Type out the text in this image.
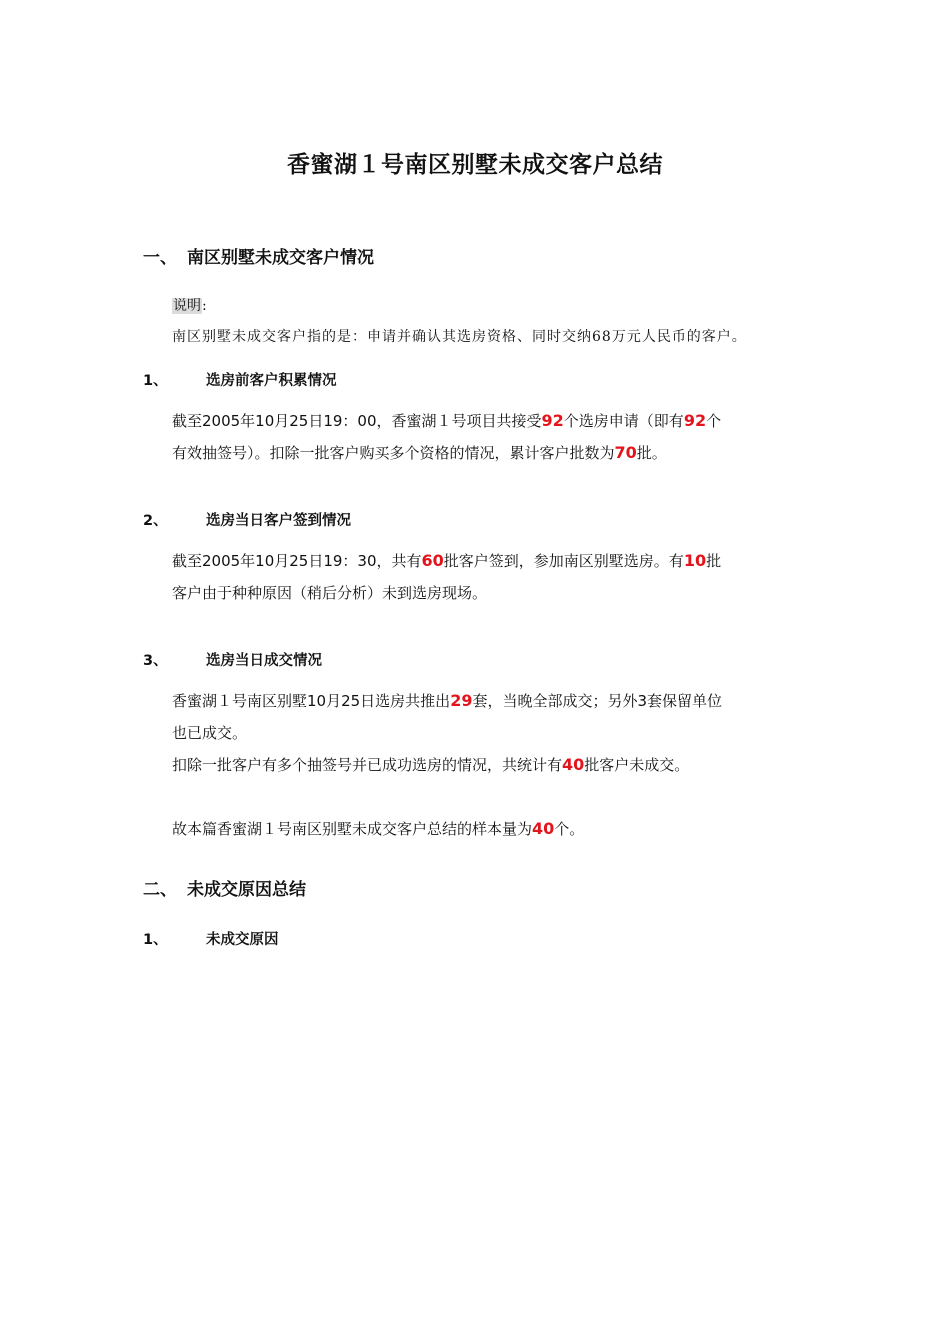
香蜜湖１号南区别墅未成交客户总结
一、 南区别墅未成交客户情况
说明:
南区别墅未成交客户指的是：申请并确认其选房资格、同时交纳68万元人民币的客户。
1、	选房前客户积累情况
截至2005年10月25日19：00，香蜜湖１号项目共接受92个选房申请（即有92个
有效抽签号）。扣除一批客户购买多个资格的情况，累计客户批数为70批。
2、	选房当日客户签到情况
截至2005年10月25日19：30，共有60批客户签到，参加南区别墅选房。有10批
客户由于种种原因（稍后分析）未到选房现场。
3、	选房当日成交情况
香蜜湖１号南区别墅10月25日选房共推出29套，当晚全部成交；另外3套保留单位
也已成交。
扣除一批客户有多个抽签号并已成功选房的情况，共统计有40批客户未成交。
故本篇香蜜湖１号南区别墅未成交客户总结的样本量为40个。
二、 未成交原因总结
1、	未成交原因
